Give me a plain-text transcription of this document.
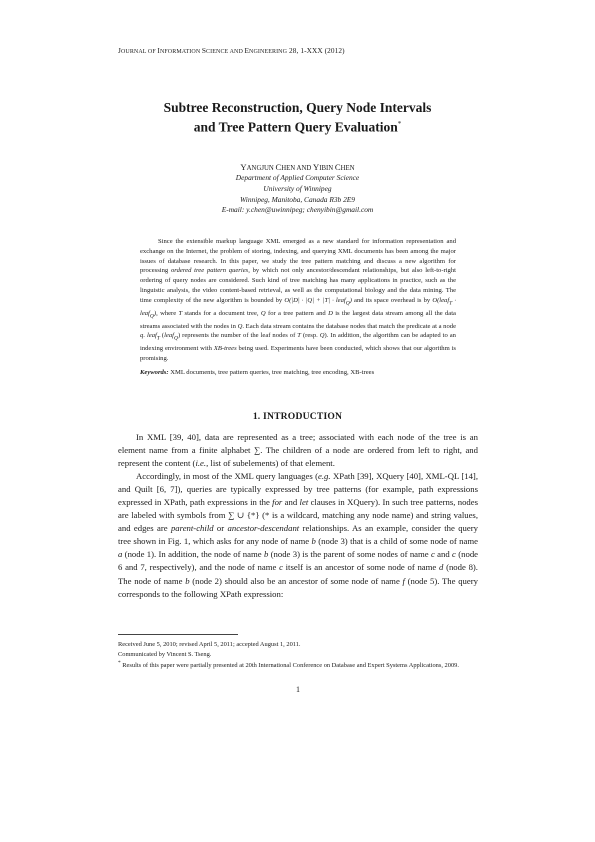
JOURNAL OF INFORMATION SCIENCE AND ENGINEERING 28, 1-XXX (2012)
Subtree Reconstruction, Query Node Intervals
and Tree Pattern Query Evaluation*
YANGJUN CHEN AND YIBIN CHEN
Department of Applied Computer Science
University of Winnipeg
Winnipeg, Manitoba, Canada R3b 2E9
E-mail: y.chen@uwinnipeg; chenyibin@gmail.com

Since the extensible markup language XML emerged as a new standard for information representation and exchange on the Internet, the problem of storing, indexing, and querying XML documents has been among the major issues of database research. In this paper, we study the tree pattern matching and discuss a new algorithm for processing ordered tree pattern queries, by which not only ancestor/descendant relationships, but also left-to-right ordering of query nodes are considered. Such kind of tree matching has many applications in practice, such as the linguistic analysis, the video content-based retrieval, as well as the computational biology and the data mining. The time complexity of the new algorithm is bounded by O(|D| · |Q| + |T| · leaf$_Q$) and its space overhead is by O(leaf$_T$ · leaf$_Q$), where T stands for a document tree, Q for a tree pattern and D is the largest data stream among all the data streams associated with the nodes in Q. Each data stream contains the database nodes that match the predicate at a node q. leaf$_T$ (leaf$_Q$) represents the number of the leaf nodes of T (resp. Q). In addition, the algorithm can be adapted to an indexing environment with XB-trees being used. Experiments have been conducted, which shows that our algorithm is promising.

Keywords: XML documents, tree pattern queries, tree matching, tree encoding, XB-trees
1. INTRODUCTION

In XML [39, 40], data are represented as a tree; associated with each node of the tree is an element name from a finite alphabet ∑. The children of a node are ordered from left to right, and represent the content (i.e., list of subelements) of that element.

Accordingly, in most of the XML query languages (e.g. XPath [39], XQuery [40], XML-QL [14], and Quilt [6, 7]), queries are typically expressed by tree patterns (for example, path expressions expressed in XPath, path expressions in the for and let clauses in XQuery). In such tree patterns, nodes are labeled with symbols from ∑ ∪ {*} (* is a wildcard, matching any node name) and string values, and edges are parent-child or ancestor-descendant relationships. As an example, consider the query tree shown in Fig. 1, which asks for any node of name b (node 3) that is a child of some node of name a (node 1). In addition, the node of name b (node 3) is the parent of some nodes of name c and c (node 6 and 7, respectively), and the node of name c itself is an ancestor of some node of name d (node 8). The node of name b (node 2) should also be an ancestor of some node of name f (node 5). The query corresponds to the following XPath expression:

Received June 5, 2010; revised April 5, 2011; accepted August 1, 2011.

Communicated by Vincent S. Tseng.

* Results of this paper were partially presented at 20th International Conference on Database and Expert Systems Applications, 2009.

1
